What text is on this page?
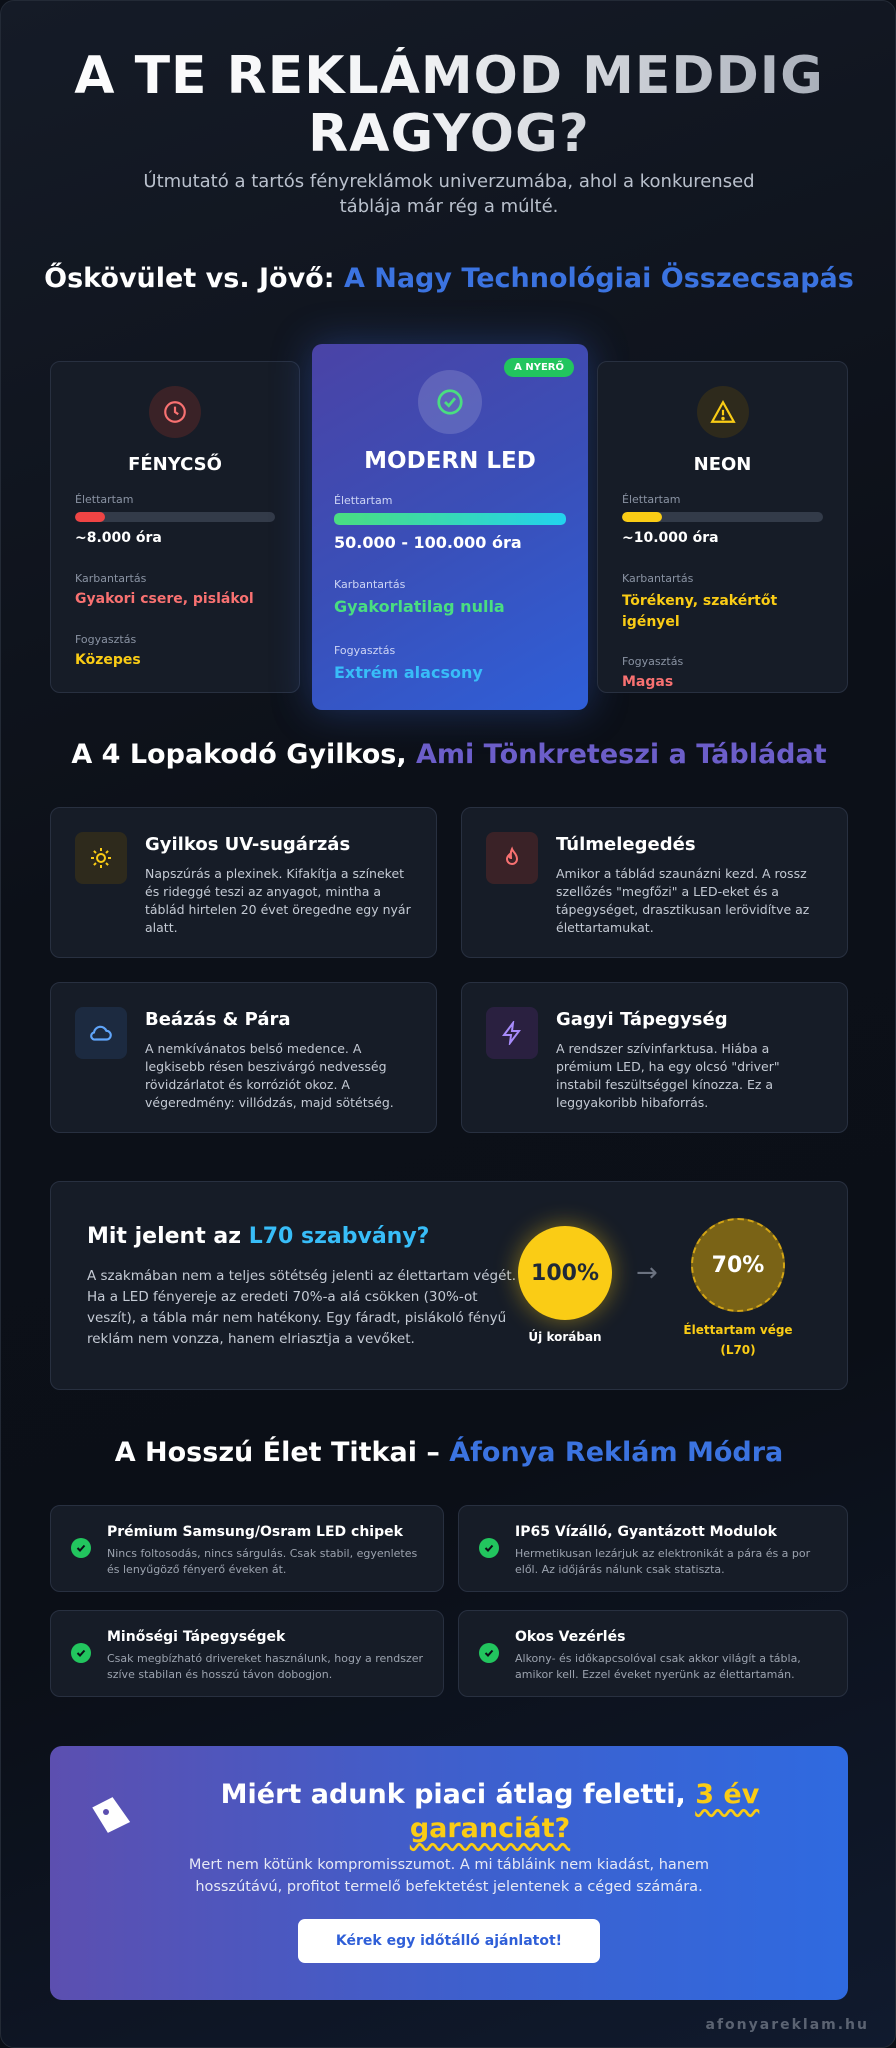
A TE REKLÁMOD MEDDIG RAGYOG?

Útmutató a tartós fényreklámok univerzumába, ahol a konkurensed táblája már rég a múlté.

Őskövület vs. Jövő: A Nagy Technológiai Összecsapás
FÉNYCSŐ
Élettartam
~8.000 óra
Karbantartás
Gyakori csere, pislákol
Fogyasztás
Közepes
A NYERŐ
MODERN LED
Élettartam
50.000 - 100.000 óra
Karbantartás
Gyakorlatilag nulla
Fogyasztás
Extrém alacsony
NEON
Élettartam
~10.000 óra
Karbantartás
Törékeny, szakértőt igényel
Fogyasztás
Magas
A 4 Lopakodó Gyilkos, Ami Tönkreteszi a Tábládat
Gyilkos UV-sugárzás

Napszúrás a plexinek. Kifakítja a színeket és rideggé teszi az anyagot, mintha a táblád hirtelen 20 évet öregedne egy nyár alatt.

Túlmelegedés

Amikor a táblád szaunázni kezd. A rossz szellőzés "megfőzi" a LED-eket és a tápegységet, drasztikusan lerövidítve az élettartamukat.

Beázás & Pára

A nemkívánatos belső medence. A legkisebb résen beszivárgó nedvesség rövidzárlatot és korróziót okoz. A végeredmény: villódzás, majd sötétség.

Gagyi Tápegység

A rendszer szívinfarktusa. Hiába a prémium LED, ha egy olcsó "driver" instabil feszültséggel kínozza. Ez a leggyakoribb hibaforrás.

Mit jelent az L70 szabvány?

A szakmában nem a teljes sötétség jelenti az élettartam végét. Ha a LED fényereje az eredeti 70%-a alá csökken (30%-ot veszít), a tábla már nem hatékony. Egy fáradt, pislákoló fényű reklám nem vonzza, hanem elriasztja a vevőket.

100%
Új korában
→	70%
Élettartam vége (L70)
A Hosszú Élet Titkai – Áfonya Reklám Módra
Prémium Samsung/Osram LED chipek

Nincs foltosodás, nincs sárgulás. Csak stabil, egyenletes és lenyűgöző fényerő éveken át.

IP65 Vízálló, Gyantázott Modulok

Hermetikusan lezárjuk az elektronikát a pára és a por elől. Az időjárás nálunk csak statiszta.

Minőségi Tápegységek

Csak megbízható drivereket használunk, hogy a rendszer szíve stabilan és hosszú távon dobogjon.

Okos Vezérlés

Alkony- és időkapcsolóval csak akkor világít a tábla, amikor kell. Ezzel éveket nyerünk az élettartamán.

Miért adunk piaci átlag feletti, 3 év
garanciát?

Mert nem kötünk kompromisszumot. A mi tábláink nem kiadást, hanem hosszútávú, profitot termelő befektetést jelentenek a céged számára.

Kérek egy időtálló ajánlatot!
afonyareklam.hu
